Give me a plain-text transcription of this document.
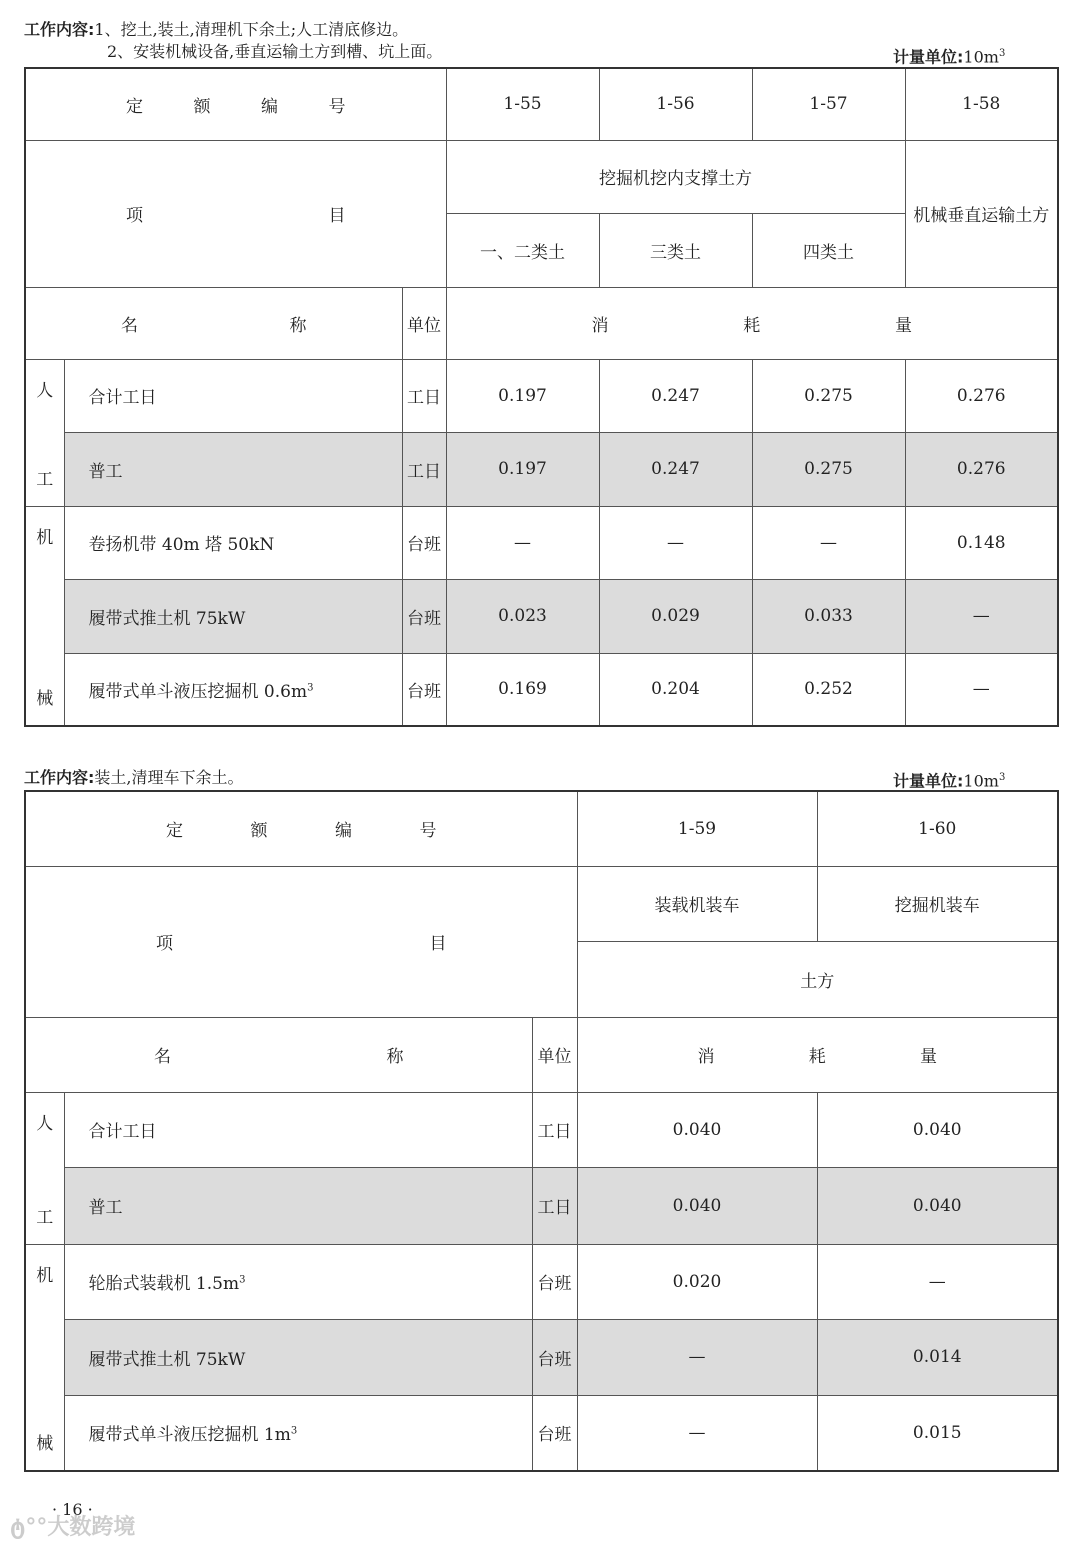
工作内容:1、挖土,装土,清理机下余土;人工清底修边。
2、安装机械设备,垂直运输土方到槽、坑上面。	计量单位$:10m^3$
定 额 编 号			1-55	1-56	1-57	1-58

项 目			挖掘机挖内支撑土方			机械垂直运输土方
			一、二类土	三类土	四类土	

名 称		单位	消 耗 量			

人
工	合计工日	工日	0.197	0.247	0.275	0.276
	普工	工日	0.197	0.247	0.275	0.276

机
械	卷扬机带 40m 塔 50kN	台班	—	—	—	0.148
	履带式推土机 75kW	台班	0.023	0.029	0.033	—
	履带式单斗液压挖掘机 $0.6m^3$	台班	0.169	0.204	0.252	—
工作内容:装土,清理车下余土。	计量单位$:10m^3$
定 额 编 号			1-59	1-60

项 目			装载机装车	挖掘机装车
			土方	

名 称		单位	消 耗 量	

人
工	合计工日	工日	0.040	0.040
	普工	工日	0.040	0.040

机
械	轮胎式装载机 $1.5m^3$	台班	0.020	—
	履带式推土机 75kW	台班	—	0.014
	履带式单斗液压挖掘机 $1m^3$	台班	—	0.015
· 16 ·
ტ°°大数跨境
